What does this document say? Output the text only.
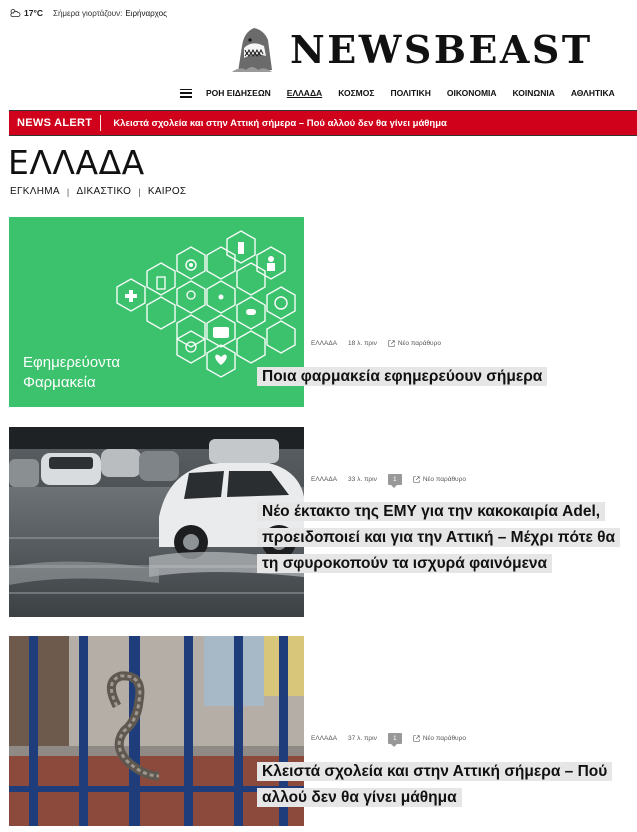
17°C Σήμερα γιορτάζουν: Ειρήναρχος
NEWSBEAST
ΡΟΗ ΕΙΔΗΣΕΩΝ ΕΛΛΑΔΑ ΚΟΣΜΟΣ ΠΟΛΙΤΙΚΗ ΟΙΚΟΝΟΜΙΑ ΚΟΙΝΩΝΙΑ ΑΘΛΗΤΙΚΑ
NEWS ALERT	Κλειστά σχολεία και στην Αττική σήμερα – Πού αλλού δεν θα γίνει μάθημα
ΕΛΛΑΔΑ
ΕΓΚΛΗΜΑ | ΔΙΚΑΣΤΙΚΟ | ΚΑΙΡΟΣ
Εφημερεύοντα Φαρμακεία
ΕΛΛΑΔΑ 18 λ. πριν	Νέο παράθυρο
Ποια φαρμακεία εφημερεύουν σήμερα
ΕΛΛΑΔΑ 33 λ. πριν	1	Νέο παράθυρο
Νέο έκτακτο της ΕΜΥ για την κακοκαιρία Adel, προειδοποιεί και για την Αττική – Μέχρι πότε θα τη σφυροκοπούν τα ισχυρά φαινόμενα
ΕΛΛΑΔΑ 37 λ. πριν	1	Νέο παράθυρο
Κλειστά σχολεία και στην Αττική σήμερα – Πού αλλού δεν θα γίνει μάθημα
